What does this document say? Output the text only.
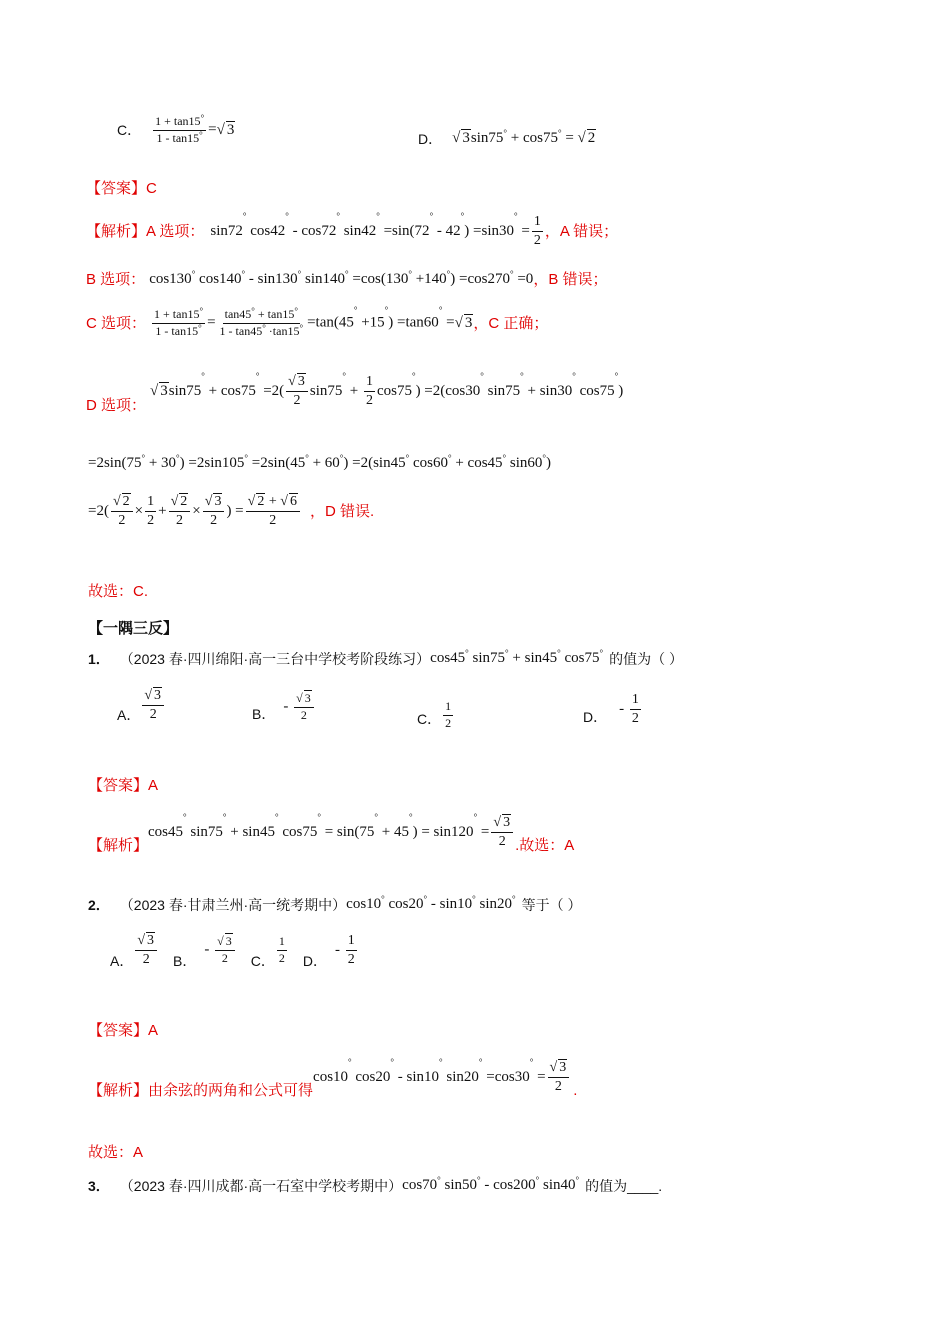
C． $\frac{1 + \tan 15^\circ}{1 - \tan 15^\circ}$ =√ 3
D． √ 3sin75° + cos75° = √ 2
【答案】C
【解析】 A 选项： sin72° cos42° - cos72° $\sin 42^\circ =\sin(72^\circ - 42^\circ) =\sin 30^\circ = \frac{1}{2}$ ，A 错误；
B 选项： cos130° cos140° - sin130° sin140° =cos(130° +140°) =cos270° =0 ，B 错误；
C 选项： $\frac{1 + \tan 15^\circ}{1 - \tan 15^\circ} = \frac{\tan 45^\circ + \tan 15^\circ}{1 - \tan 45^\circ \cdot\tan 15^\circ} =\tan(45^\circ +15^\circ) =\tan 60^\circ$ =√ 3 ，C 正确；
D 选项：
√ $3\sin 75^\circ + \cos 75^\circ =2( \frac{√ 3}{2} \sin 75^\circ + \frac{1}{2} \cos 75^\circ) =2(\cos 30^\circ$ sin75° + sin30° cos75°)
=2sin(75° + 30°) =2sin105° =2sin(45° + 60°) =2(sin45° cos60° + cos45° sin60°)
$=2( \frac{√ 2}{2} \times \frac{1}{2} + \frac{√ 2}{2} \times \frac{√ 3}{2}$ ) = $\frac{√ 2 + √ 6}{2}$ ，D 错误.
故选：C.
【一隅三反】
1． （2023 春·四川绵阳·高一三台中学校考阶段练习） cos45° sin75° + sin45° cos75° 的值为（ ）
A． $\frac{√ 3}{2}$	B． - $\frac{√ 3}{2}$	C． $\frac{1}{2}$	D． - $\frac{1}{2}$
【答案】A
【解析】
cos45° sin75° + sin45° $\cos 75^\circ = \sin(75^\circ + 45^\circ) = \sin 120^\circ = \frac{√ 3}{2}$ .故选：A
2． （2023 春·甘肃兰州·高一统考期中） cos10° cos20° - sin10° sin20° 等于（ ）
A． $\frac{√ 3}{2}$ B．
- $\frac{√ 3}{2}$ C． $\frac{1}{2}$ D．
- $\frac{1}{2}$
【答案】A
【解析】 由余弦的两角和公式可得
cos10° cos20° - sin10° $\sin 20^\circ =\cos 30^\circ = \frac{√ 3}{2}$ .
故选：A
3． （2023 春·四川成都·高一石室中学校考期中） cos70° sin50° - cos200° sin40° 的值为 ____.
